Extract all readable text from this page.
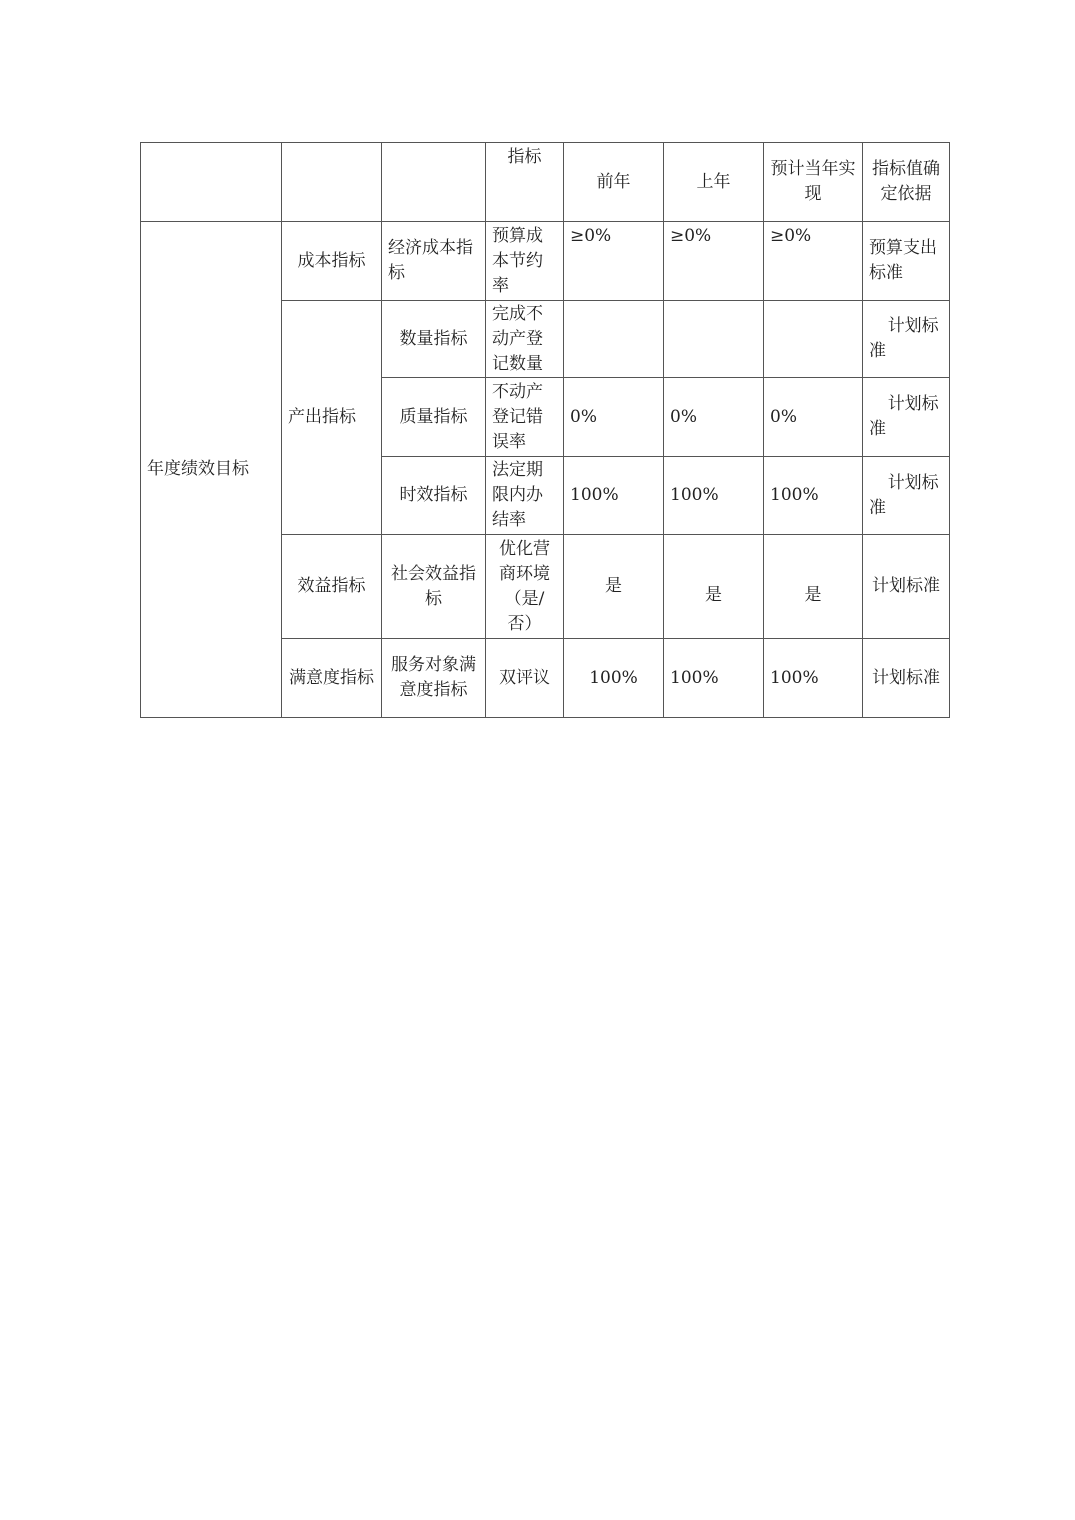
			指标	前年	上年	预计当年实现	指标值确定依据
年度绩效目标	成本指标	经济成本指标	预算成本节约率	≥0%	≥0%	≥0%	预算支出标准
	产出指标	数量指标	完成不动产登记数量				计划标准
		质量指标	不动产登记错误率	0%	0%	0%	计划标准
		时效指标	法定期限内办结率	100%	100%	100%	计划标准
	效益指标	社会效益指标	优化营商环境（是/否）	是	是	是	计划标准
	满意度指标	服务对象满意度指标	双评议	100%	100%	100%	计划标准
